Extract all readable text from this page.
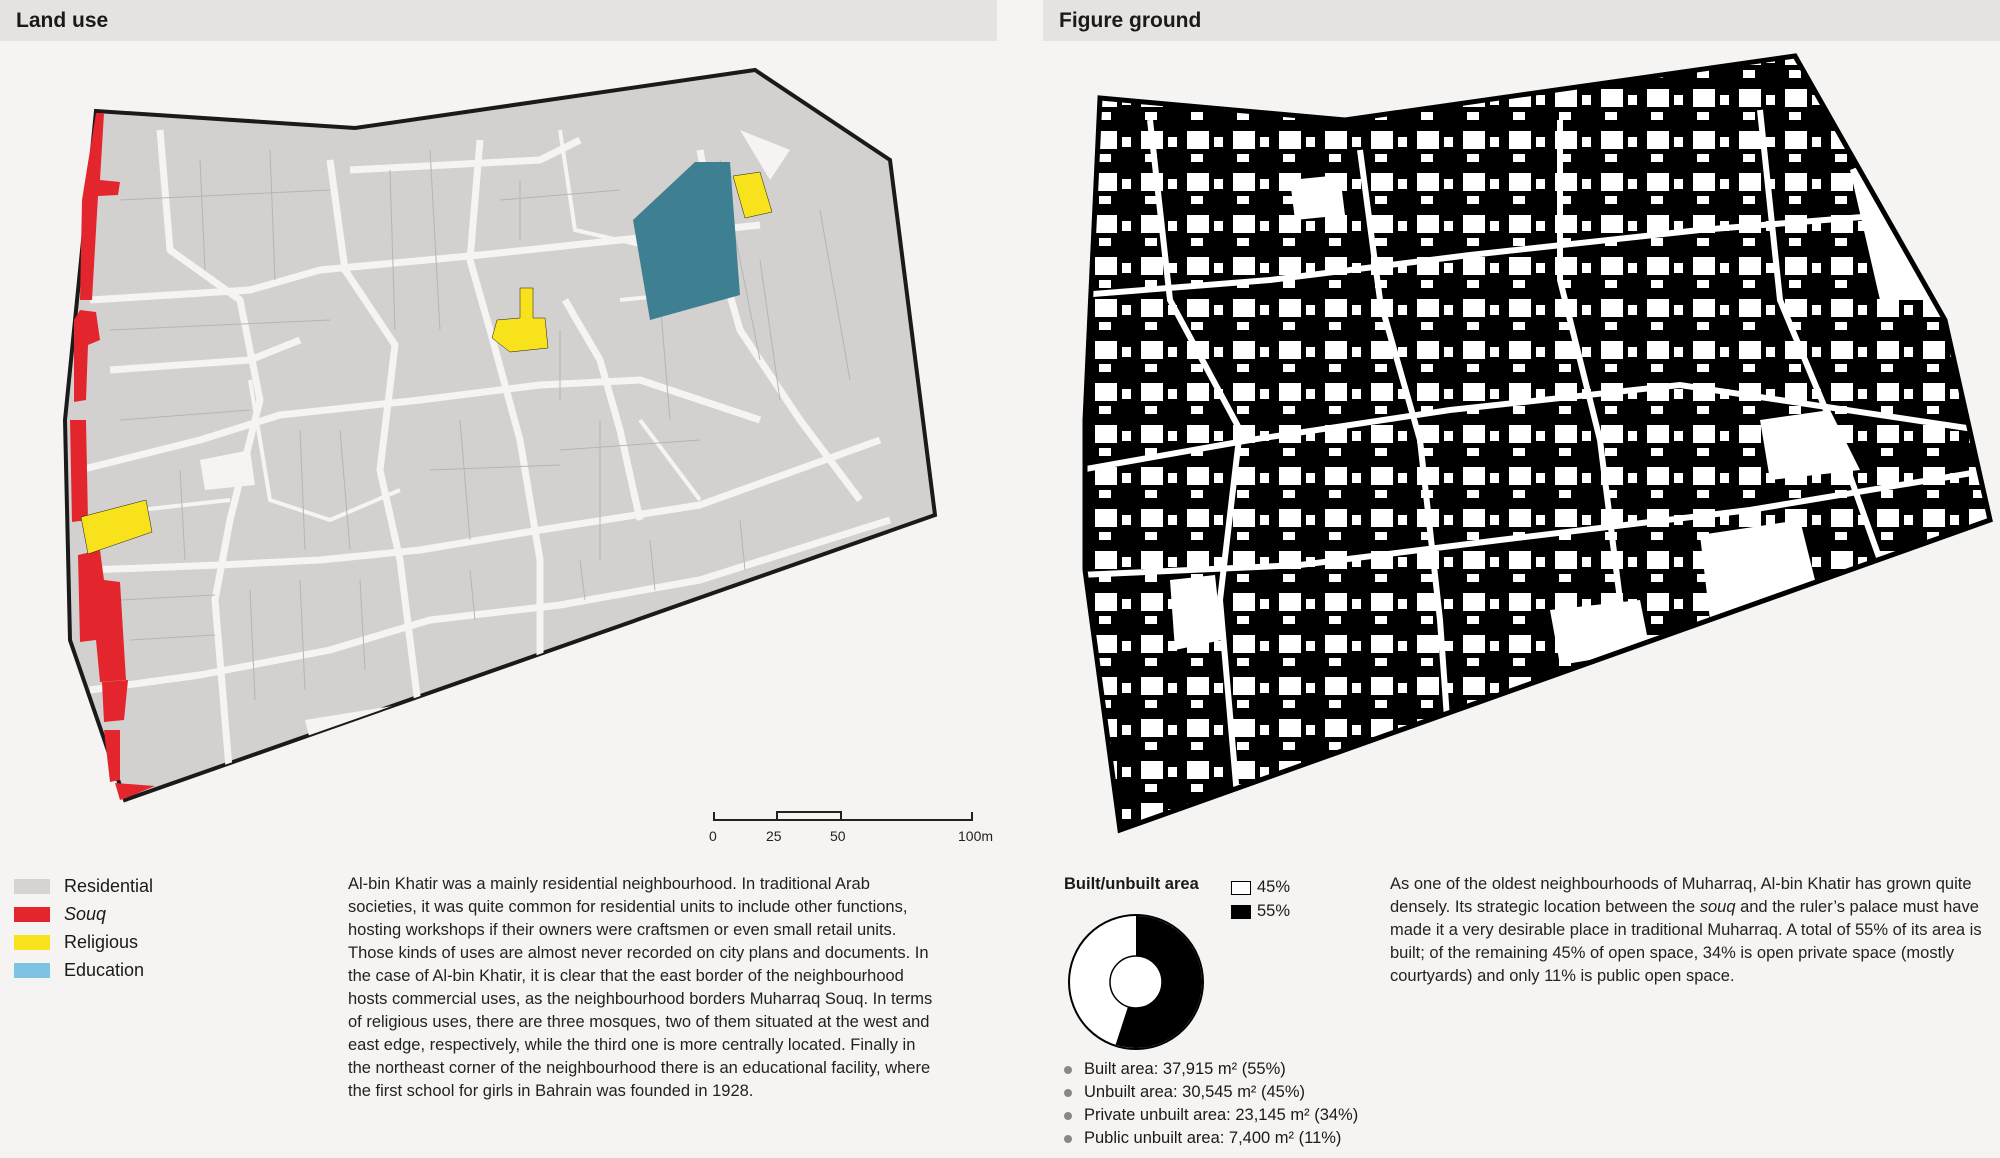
Land use	Figure ground
0	25	50	100m
Residential
Souq
Religious
Education
Al-bin Khatir was a mainly residential neighbourhood. In traditional Arab societies, it was quite common for residential units to include other functions, hosting workshops if their owners were craftsmen or even small retail units. Those kinds of uses are almost never recorded on city plans and documents. In the case of Al-bin Khatir, it is clear that the east border of the neighbourhood hosts commercial uses, as the neighbourhood borders Muharraq Souq. In terms of religious uses, there are three mosques, two of them situated at the west and east edge, respectively, while the third one is more centrally located. Finally in the northeast corner of the neighbourhood there is an educational facility, where the first school for girls in Bahrain was founded in 1928.
Built/unbuilt area	45%
55%
Built area: 37,915 m² (55%)
Unbuilt area: 30,545 m² (45%)
Private unbuilt area: 23,145 m² (34%)
Public unbuilt area: 7,400 m² (11%)
As one of the oldest neighbourhoods of Muharraq, Al-bin Khatir has grown quite densely. Its strategic location between the souq and the ruler’s palace must have made it a very desirable place in traditional Muharraq. A total of 55% of its area is built; of the remaining 45% of open space, 34% is open private space (mostly courtyards) and only 11% is public open space.
